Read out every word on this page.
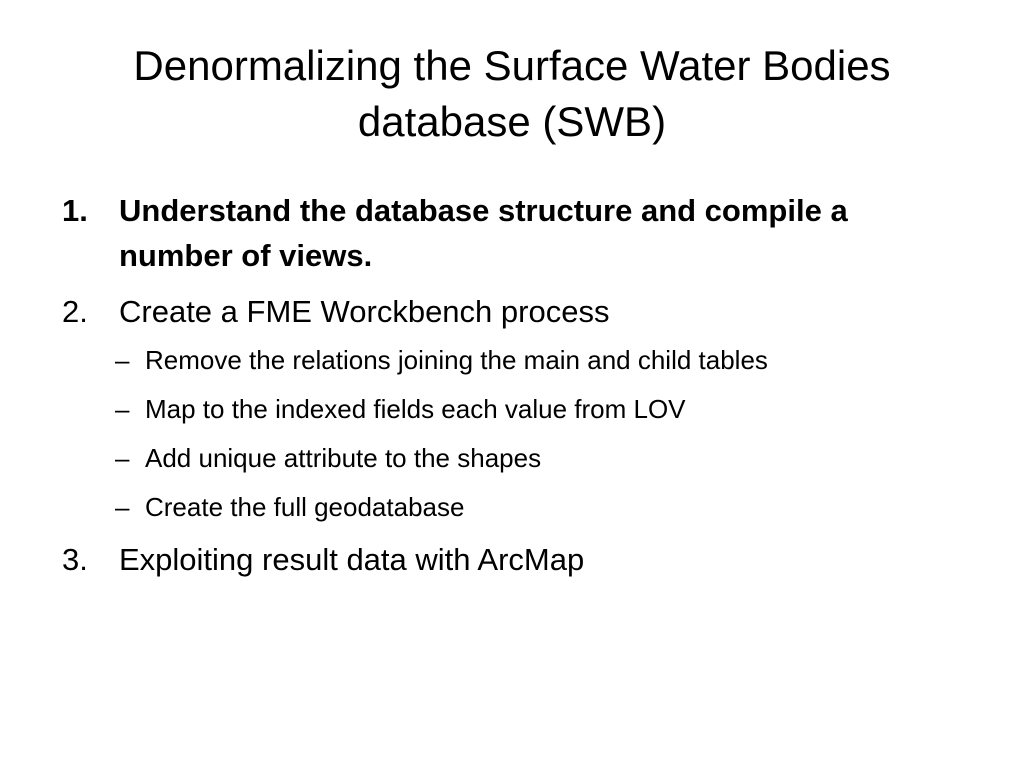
Denormalizing the Surface Water Bodies
database (SWB)
1. Understand the database structure and compile a
number of views.
2. Create a FME Worckbench process
– Remove the relations joining the main and child tables
– Map to the indexed fields each value from LOV
– Add unique attribute to the shapes
– Create the full geodatabase
3. Exploiting result data with ArcMap
